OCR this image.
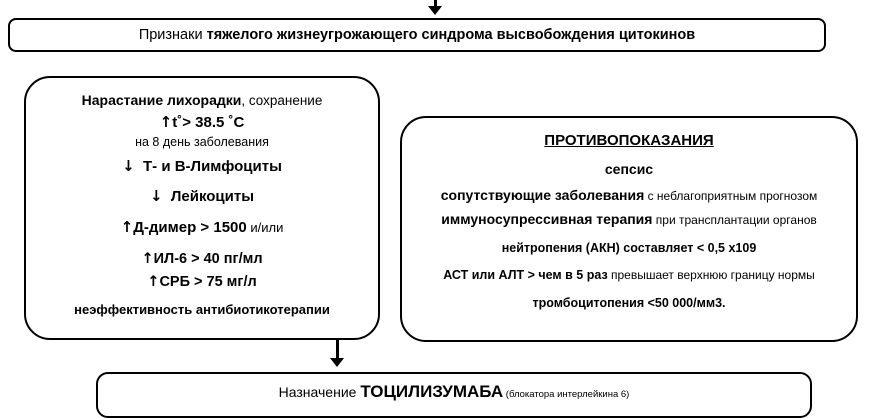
Признаки тяжелого жизнеугрожающего синдрома высвобождения цитокинов
Нарастание лихорадки, сохранение
↑t˚> 38.5 ˚С
на 8 день заболевания
↓ Т- и В-Лимфоциты
↓ Лейкоциты
↑Д-димер > 1500 и/или
↑ИЛ-6 > 40 пг/мл
↑СРБ > 75 мг/л
неэффективность антибиотикотерапии
ПРОТИВОПОКАЗАНИЯ
сепсис
сопутствующие заболевания с неблагоприятным прогнозом
иммуносупрессивная терапия при трансплантации органов
нейтропения (АКН) составляет < 0,5 х109
АСТ или АЛТ > чем в 5 раз превышает верхнюю границу нормы
тромбоцитопения <50 000/мм3.
Назначение ТОЦИЛИЗУМАБА (блокатора интерлейкина 6)
